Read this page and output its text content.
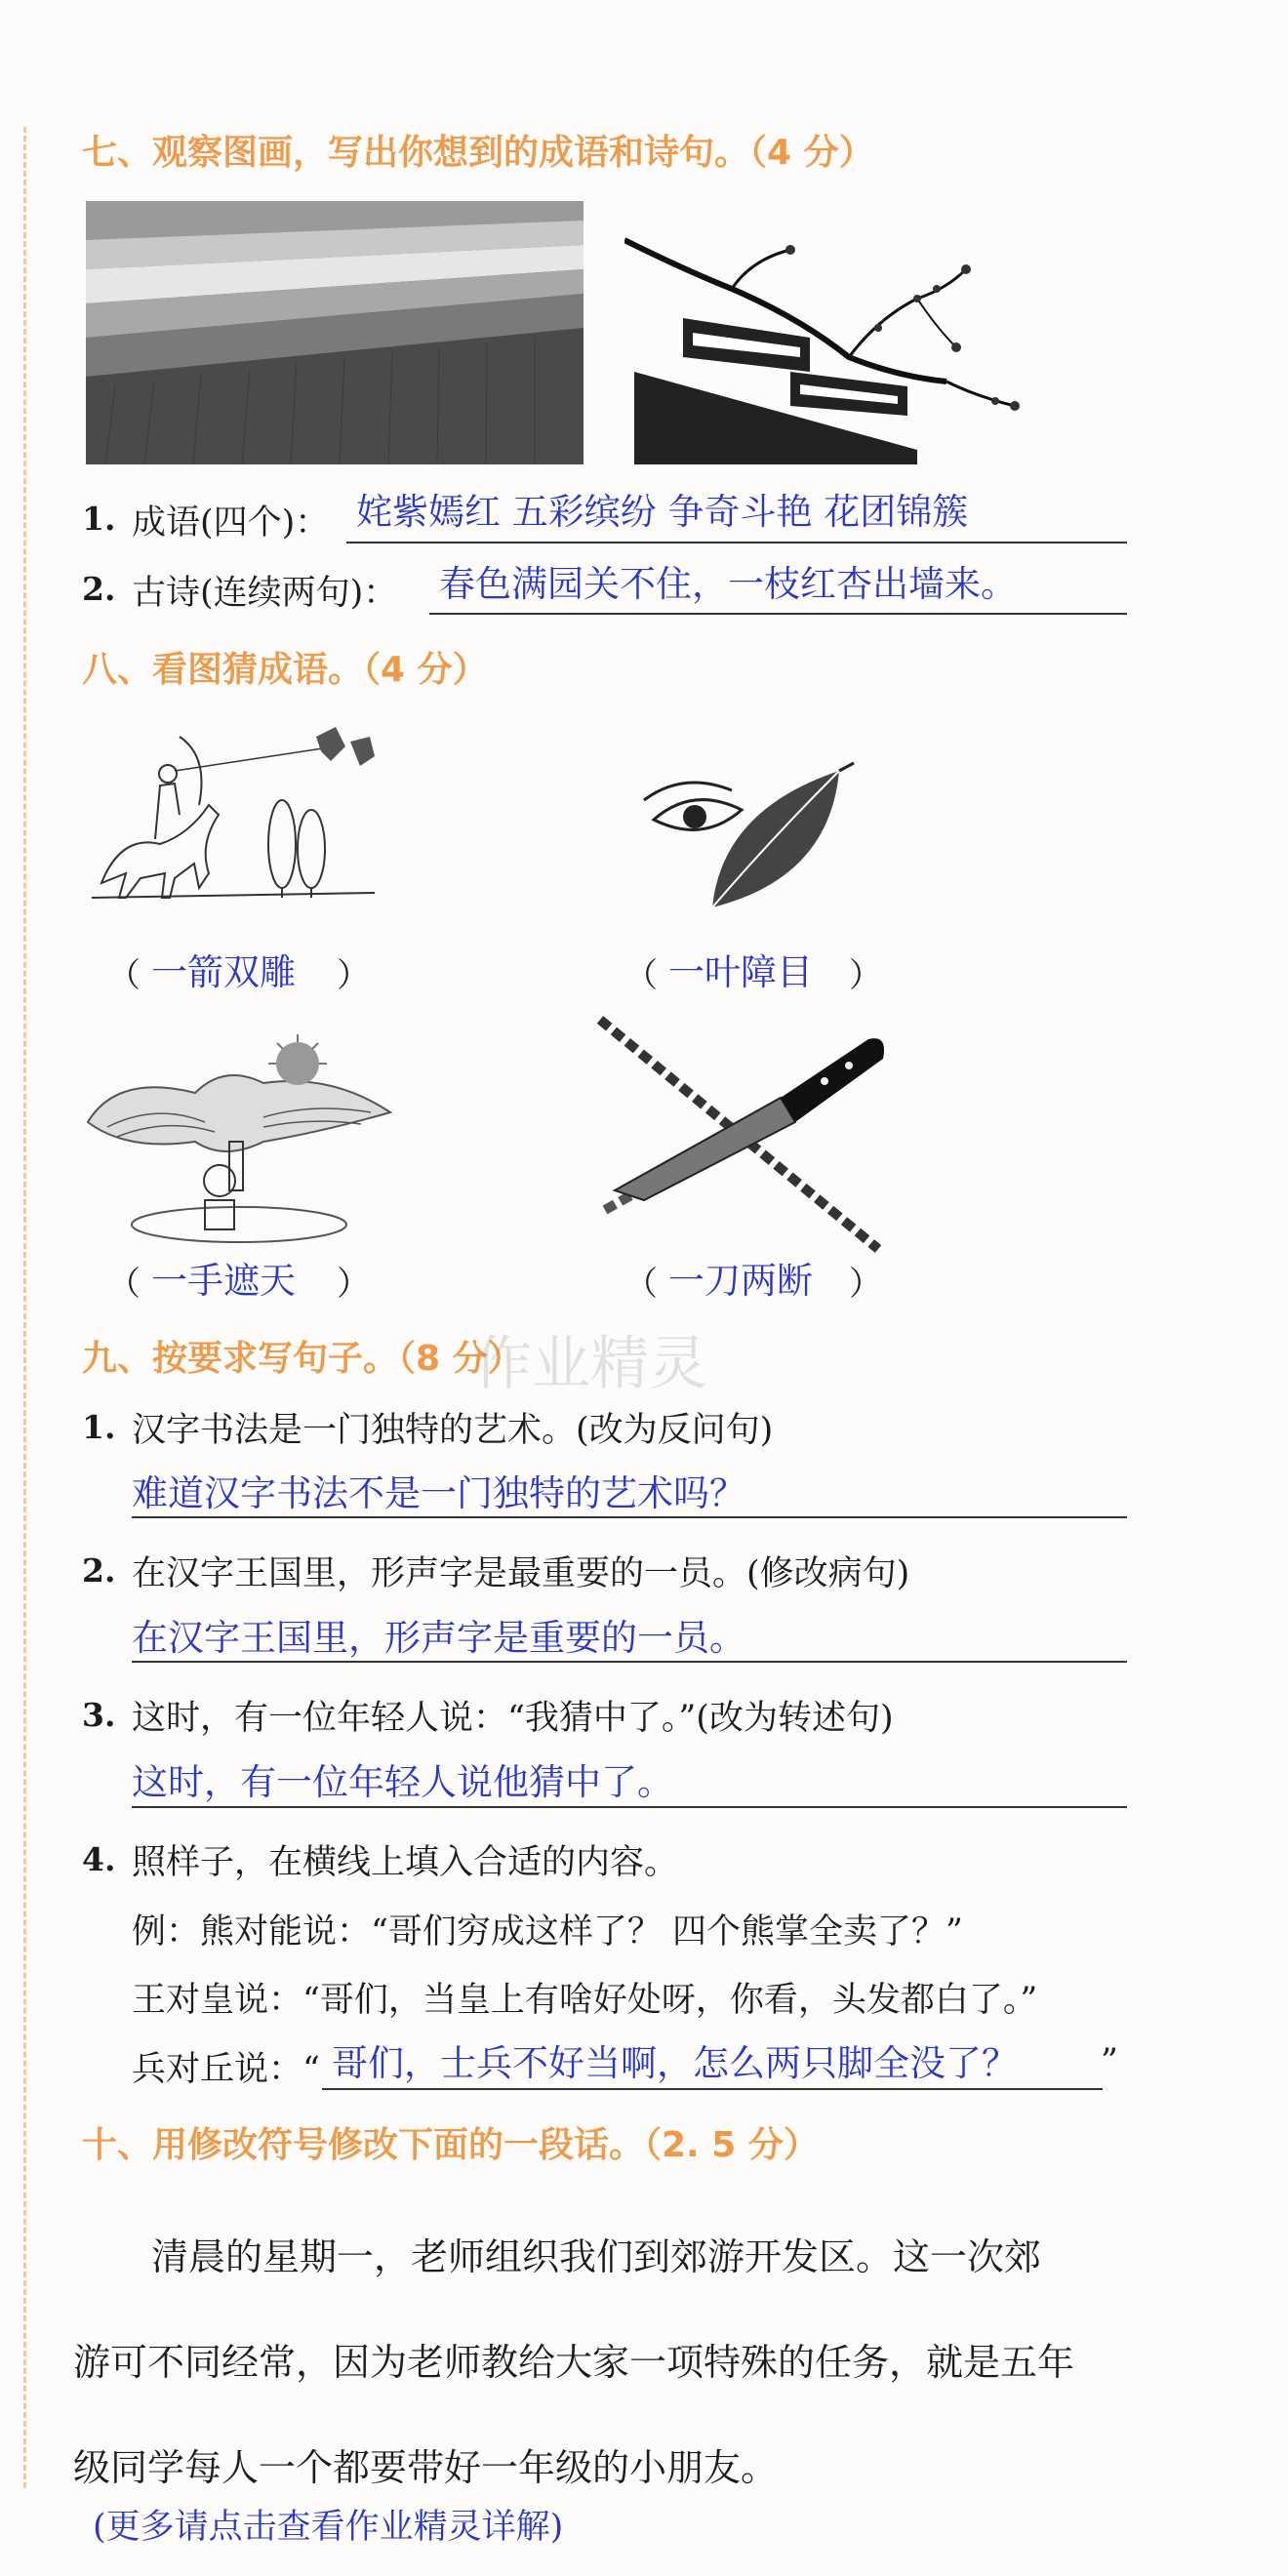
七、观察图画，写出你想到的成语和诗句。（4 分）
1. 成语(四个)： 姹紫嫣红 五彩缤纷 争奇斗艳 花团锦簇
2. 古诗(连续两句)： 春色满园关不住，一枝红杏出墙来。
八、看图猜成语。（4 分）
（ 一箭双雕 ）	（ 一叶障目 ）
（ 一手遮天 ）	（ 一刀两断 ）
九、按要求写句子。（8 分）
作业精灵
1. 汉字书法是一门独特的艺术。(改为反问句)
难道汉字书法不是一门独特的艺术吗？
2. 在汉字王国里，形声字是最重要的一员。(修改病句)
在汉字王国里，形声字是重要的一员。
3. 这时，有一位年轻人说：“我猜中了。”(改为转述句)
这时，有一位年轻人说他猜中了。
4. 照样子，在横线上填入合适的内容。
例：熊对能说：“哥们穷成这样了？ 四个熊掌全卖了？”
王对皇说：“哥们，当皇上有啥好处呀，你看，头发都白了。”
兵对丘说：“ 哥们，士兵不好当啊，怎么两只脚全没了？ ”
十、用修改符号修改下面的一段话。（2. 5 分）
清晨的星期一，老师组织我们到郊游开发区。这一次郊
游可不同经常，因为老师教给大家一项特殊的任务，就是五年
级同学每人一个都要带好一年级的小朋友。
(更多请点击查看作业精灵详解)
